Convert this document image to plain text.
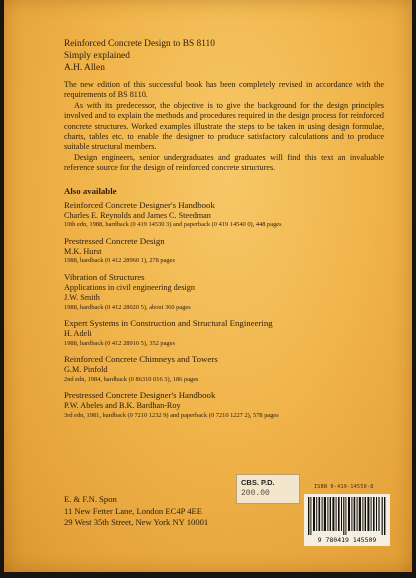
Reinforced Concrete Design to BS 8110
Simply explained
A.H. Allen

The new edition of this successful book has been completely revised in accordance with the requirements of BS 8110.

As with its predecessor, the objective is to give the background for the design principles involved and to explain the methods and procedures required in the design process for reinforced concrete structures. Worked examples illustrate the steps to be taken in using design formulae, charts, tables etc. to enable the designer to produce satisfactory calculations and to produce suitable structural members.

Design engineers, senior undergraduates and graduates will find this text an invaluable reference source for the design of reinforced concrete structures.

Also available
Reinforced Concrete Designer's Handbook
Charles E. Reynolds and James C. Steedman
10th edn, 1988, hardback (0 419 14530 3) and paperback (0 419 14540 0), 448 pages
Prestressed Concrete Design
M.K. Hurst
1988, hardback (0 412 28960 1), 278 pages
Vibration of Structures
Applications in civil engineering design
J.W. Smith
1988, hardback (0 412 28020 5), about 360 pages
Expert Systems in Construction and Structural Engineering
H. Adeli
1988, hardback (0 412 28910 5), 352 pages
Reinforced Concrete Chimneys and Towers
G.M. Pinfold
2nd edn, 1984, hardback (0 86310 016 3), 186 pages
Prestressed Concrete Designer's Handbook
P.W. Abeles and B.K. Bardhan-Roy
3rd edn, 1981, hardback (0 7210 1232 9) and paperback (0 7210 1227 2), 578 pages
CBS. P.D.
200.00
E. & F.N. Spon
11 New Fetter Lane, London EC4P 4EE
29 West 35th Street, New York NY 10001
ISBN 0-419-14550-8
9 780419 145509
